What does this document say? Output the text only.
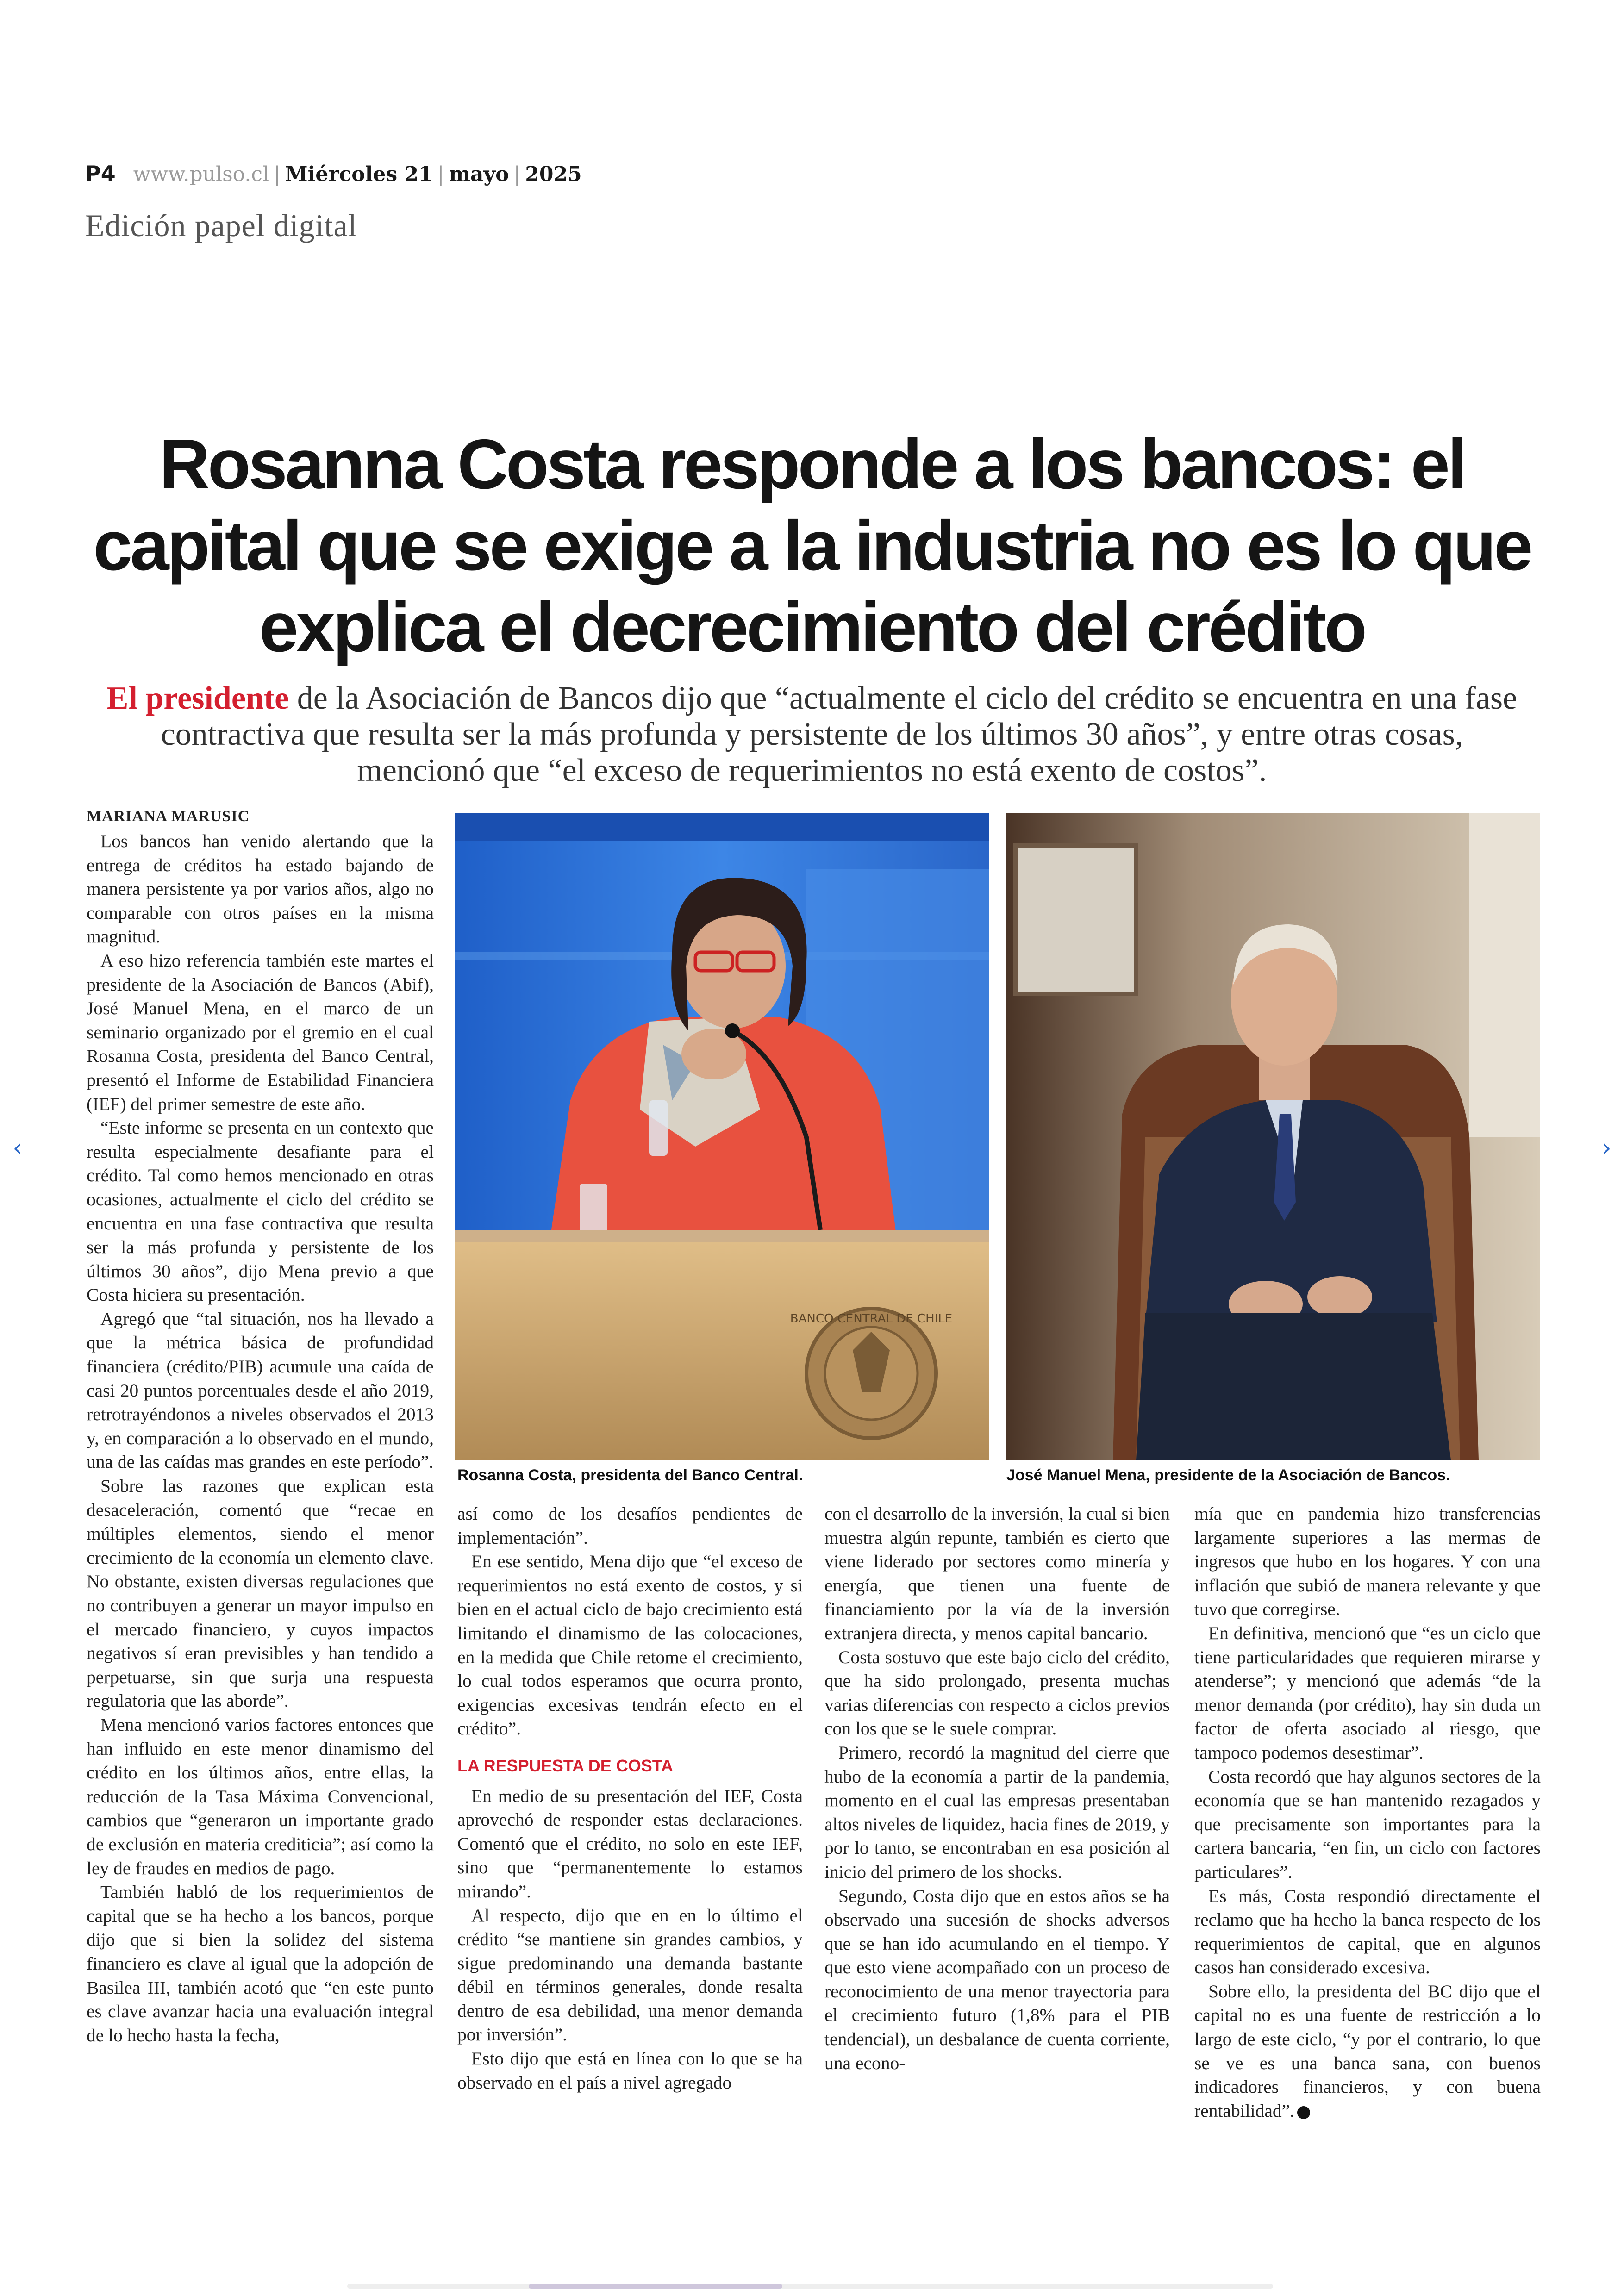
P4 www.pulso.cl | Miércoles 21 | mayo | 2025
Edición papel digital
Rosanna Costa responde a los bancos: el capital que se exige a la industria no es lo que explica el decrecimiento del crédito

El presidente de la Asociación de Bancos dijo que “actualmente el ciclo del crédito se encuentra en una fase contractiva que resulta ser la más profunda y persistente de los últimos 30 años”, y entre otras cosas, mencionó que “el exceso de requerimientos no está exento de costos”.

MARIANA MARUSIC
BANCO CENTRAL DE CHILE
Rosanna Costa, presidenta del Banco Central.	José Manuel Mena, presidente de la Asociación de Bancos.

Los bancos han venido alertando que la entrega de créditos ha estado bajando de manera persistente ya por varios años, algo no comparable con otros países en la misma magnitud.

A eso hizo referencia también este martes el presidente de la Asociación de Bancos (Abif), José Manuel Mena, en el marco de un seminario organizado por el gremio en el cual Rosanna Costa, presidenta del Banco Central, presentó el Informe de Estabilidad Financiera (IEF) del primer semestre de este año.

“Este informe se presenta en un contexto que resulta especialmente desafiante para el crédito. Tal como hemos mencionado en otras ocasiones, actualmente el ciclo del crédito se encuentra en una fase contractiva que resulta ser la más profunda y persistente de los últimos 30 años”, dijo Mena previo a que Costa hiciera su presentación.

Agregó que “tal situación, nos ha llevado a que la métrica básica de profundidad financiera (crédito/PIB) acumule una caída de casi 20 puntos porcentuales desde el año 2019, retrotrayéndonos a niveles observados el 2013 y, en comparación a lo observado en el mundo, una de las caídas mas grandes en este período”.

Sobre las razones que explican esta desaceleración, comentó que “recae en múltiples elementos, siendo el menor crecimiento de la economía un elemento clave. No obstante, existen diversas regulaciones que no contribuyen a generar un mayor impulso en el mercado financiero, y cuyos impactos negativos sí eran previsibles y han tendido a perpetuarse, sin que surja una respuesta regulatoria que las aborde”.

Mena mencionó varios factores entonces que han influido en este menor dinamismo del crédito en los últimos años, entre ellas, la reducción de la Tasa Máxima Convencional, cambios que “generaron un importante grado de exclusión en materia crediticia”; así como la ley de fraudes en medios de pago.

También habló de los requerimientos de capital que se ha hecho a los bancos, porque dijo que si bien la solidez del sistema financiero es clave al igual que la adopción de Basilea III, también acotó que “en este punto es clave avanzar hacia una evaluación integral de lo hecho hasta la fecha,

así como de los desafíos pendientes de implementación”.

En ese sentido, Mena dijo que “el exceso de requerimientos no está exento de costos, y si bien en el actual ciclo de bajo crecimiento está limitando el dinamismo de las colocaciones, en la medida que Chile retome el crecimiento, lo cual todos esperamos que ocurra pronto, exigencias excesivas tendrán efecto en el crédito”.

LA RESPUESTA DE COSTA

En medio de su presentación del IEF, Costa aprovechó de responder estas declaraciones. Comentó que el crédito, no solo en este IEF, sino que “permanentemente lo estamos mirando”.

Al respecto, dijo que en en lo último el crédito “se mantiene sin grandes cambios, y sigue predominando una demanda bastante débil en términos generales, donde resalta dentro de esa debilidad, una menor demanda por inversión”.

Esto dijo que está en línea con lo que se ha observado en el país a nivel agregado

con el desarrollo de la inversión, la cual si bien muestra algún repunte, también es cierto que viene liderado por sectores como minería y energía, que tienen una fuente de financiamiento por la vía de la inversión extranjera directa, y menos capital bancario.

Costa sostuvo que este bajo ciclo del crédito, que ha sido prolongado, presenta muchas varias diferencias con respecto a ciclos previos con los que se le suele comprar.

Primero, recordó la magnitud del cierre que hubo de la economía a partir de la pandemia, momento en el cual las empresas presentaban altos niveles de liquidez, hacia fines de 2019, y por lo tanto, se encontraban en esa posición al inicio del primero de los shocks.

Segundo, Costa dijo que en estos años se ha observado una sucesión de shocks adversos que se han ido acumulando en el tiempo. Y que esto viene acompañado con un proceso de reconocimiento de una menor trayectoria para el crecimiento futuro (1,8% para el PIB tendencial), un desbalance de cuenta corriente, una econo-

mía que en pandemia hizo transferencias largamente superiores a las mermas de ingresos que hubo en los hogares. Y con una inflación que subió de manera relevante y que tuvo que corregirse.

En definitiva, mencionó que “es un ciclo que tiene particularidades que requieren mirarse y atenderse”; y mencionó que además “de la menor demanda (por crédito), hay sin duda un factor de oferta asociado al riesgo, que tampoco podemos desestimar”.

Costa recordó que hay algunos sectores de la economía que se han mantenido rezagados y que precisamente son importantes para la cartera bancaria, “en fin, un ciclo con factores particulares”.

Es más, Costa respondió directamente el reclamo que ha hecho la banca respecto de los requerimientos de capital, que en algunos casos han considerado excesiva.

Sobre ello, la presidenta del BC dijo que el capital no es una fuente de restricción a lo largo de este ciclo, “y por el contrario, lo que se ve es una banca sana, con buenos indicadores financieros, y con buena rentabilidad”. P

‹	›
